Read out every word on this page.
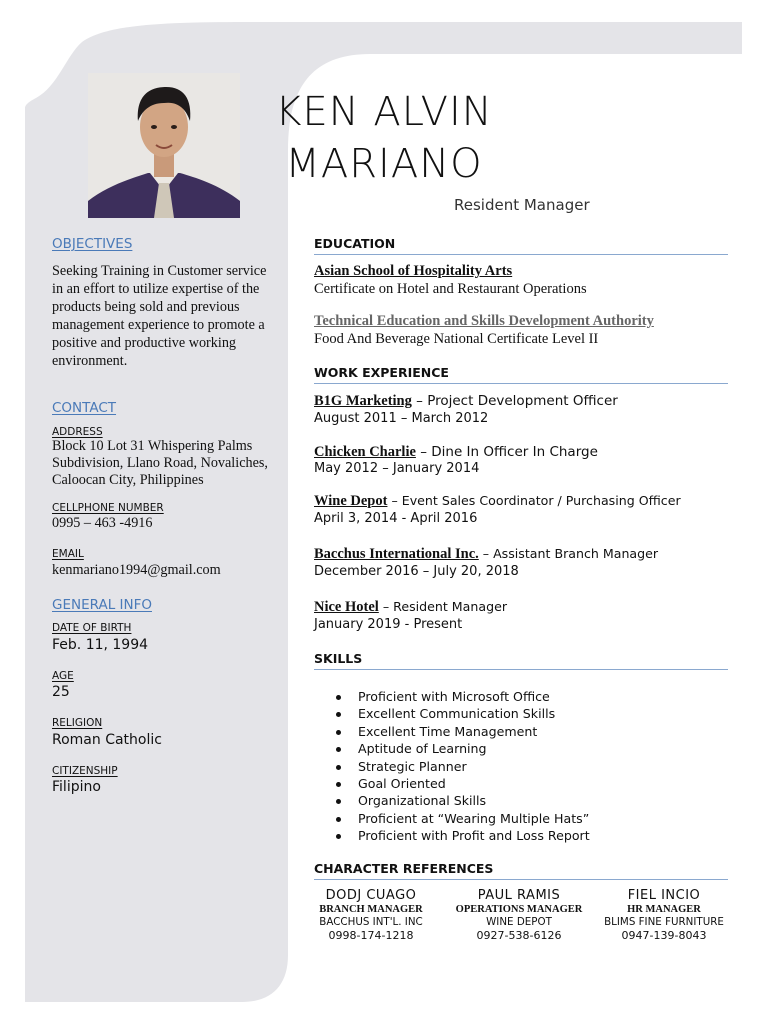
OBJECTIVES
Seeking Training in Customer service
in an effort to utilize expertise of the
products being sold and previous
management experience to promote a
positive and productive working
environment.
CONTACT
ADDRESS
Block 10 Lot 31 Whispering Palms
Subdivision, Llano Road, Novaliches,
Caloocan City, Philippines
CELLPHONE NUMBER
0995 – 463 -4916
EMAIL
kenmariano1994@gmail.com
GENERAL INFO
DATE OF BIRTH
Feb. 11, 1994
AGE
25
RELIGION
Roman Catholic
CITIZENSHIP
Filipino
KEN ALVIN
MARIANO
Resident Manager
EDUCATION
Asian School of Hospitality Arts
Certificate on Hotel and Restaurant Operations
Technical Education and Skills Development Authority
Food And Beverage National Certificate Level II
WORK EXPERIENCE
B1G Marketing – Project Development Officer
August 2011 – March 2012
Chicken Charlie – Dine In Officer In Charge
May 2012 – January 2014
Wine Depot – Event Sales Coordinator / Purchasing Officer
April 3, 2014 - April 2016
Bacchus International Inc. – Assistant Branch Manager
December 2016 – July 20, 2018
Nice Hotel – Resident Manager
January 2019 - Present
SKILLS
Proficient with Microsoft Office
Excellent Communication Skills
Excellent Time Management
Aptitude of Learning
Strategic Planner
Goal Oriented
Organizational Skills
Proficient at “Wearing Multiple Hats”
Proficient with Profit and Loss Report
CHARACTER REFERENCES
DODJ CUAGO
BRANCH MANAGER
BACCHUS INT'L. INC
0998-174-1218
PAUL RAMIS
OPERATIONS MANAGER
WINE DEPOT
0927-538-6126
FIEL INCIO
HR MANAGER
BLIMS FINE FURNITURE
0947-139-8043
